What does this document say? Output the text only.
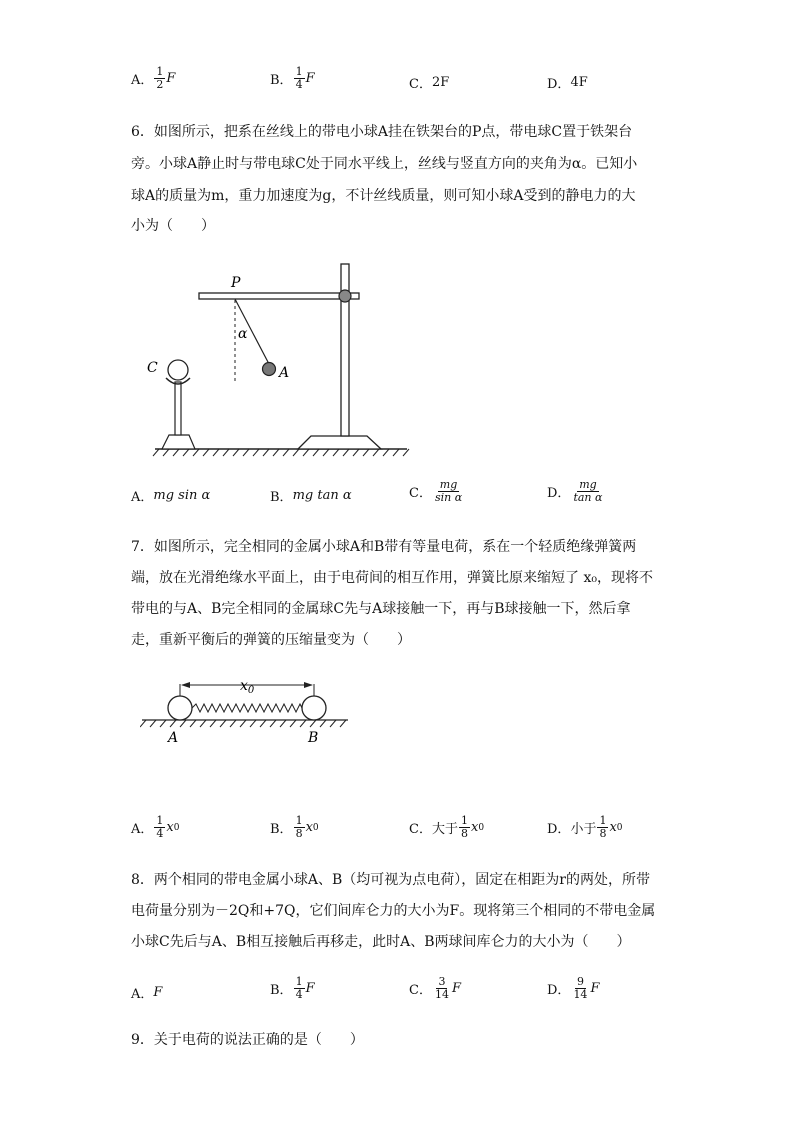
A． $\frac{1}{2}$ F	B． $\frac{1}{4}$ F	C． 2F	D． 4F
6．如图所示，把系在丝线上的带电小球A挂在铁架台的P点，带电球C置于铁架台
旁。小球A静止时与带电球C处于同水平线上，丝线与竖直方向的夹角为α。已知小
球A的质量为m，重力加速度为g，不计丝线质量，则可知小球A受到的静电力的大
小为（　　）
P
α
A
C
A． mg sin α	B． mg tan α	C． $\frac{mg}{\text{sin α}}$	D． $\frac{mg}{\text{tan α}}$
7．如图所示，完全相同的金属小球A和B带有等量电荷，系在一个轻质绝缘弹簧两
端，放在光滑绝缘水平面上，由于电荷间的相互作用，弹簧比原来缩短了 x₀，现将不
带电的与A、B完全相同的金属球C先与A球接触一下，再与B球接触一下，然后拿
走，重新平衡后的弹簧的压缩量变为（　　）
$x_0$
A	B
A． $\frac{1}{4}$ x 0	B． $\frac{1}{8}$ x 0	C． 大于 $\frac{1}{8}$ x 0	D． 小于 $\frac{1}{8}$ x 0
8．两个相同的带电金属小球A、B（均可视为点电荷），固定在相距为r的两处，所带
电荷量分别为－2Q和+7Q，它们间库仑力的大小为F。现将第三个相同的不带电金属
小球C先后与A、B相互接触后再移走，此时A、B两球间库仑力的大小为（　　）
A． F	B． $\frac{1}{4}$ F	C． $\frac{3}{14}$ F	D． $\frac{9}{14}$ F
9．关于电荷的说法正确的是（　　）
